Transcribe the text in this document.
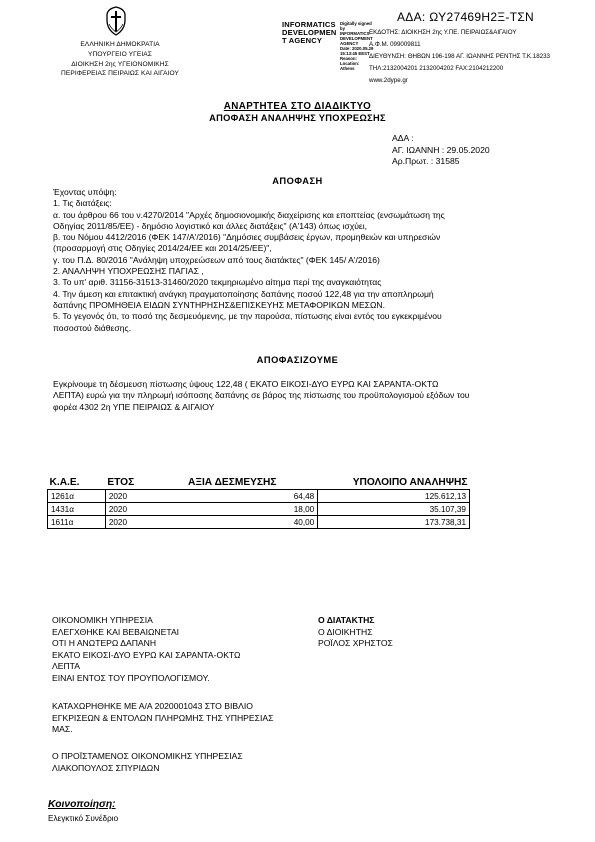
ΕΛΛΗΝΙΚΗ ΔΗΜΟΚΡΑΤΙΑ
ΥΠΟΥΡΓΕΙΟ ΥΓΕΙΑΣ
ΔΙΟΙΚΗΣΗ 2ης ΥΓΕΙΟΝΟΜΙΚΗΣ
ΠΕΡΙΦΕΡΕΙΑΣ ΠΕΙΡΑΙΩΣ ΚΑΙ ΑΙΓΑΙΟΥ
INFORMATICS
DEVELOPMEN
T AGENCY
Digitally signed by
INFORMATICS
DEVELOPMENT
AGENCY
Date: 2020.05.29
15:13:45 EEST
Reason:
Location: Athens
ΑΔΑ: ΩΥ27469Η2Ξ-ΤΣΝ
ΕΚΔΟΤΗΣ: ΔΙΟΙΚΗΣΗ 2ης Υ.ΠΕ. ΠΕΙΡΑΙΩΣ&ΑΙΓΑΙΟΥ
Α.Φ.Μ. 099009811
ΔΙΕΥΘΥΝΣΗ: ΘΗΒΩΝ 196-198 ΑΓ. ΙΩΑΝΝΗΣ ΡΕΝΤΗΣ Τ.Κ.18233
ΤΗΛ:2132004201 2132004202 FAX:2104212200
www.2dype.gr
ΑΝΑΡΤΗΤΕΑ ΣΤΟ ΔΙΑΔΙΚΤΥΟ
ΑΠΟΦΑΣΗ ΑΝΑΛΗΨΗΣ ΥΠΟΧΡΕΩΣΗΣ
ΑΔΑ :
ΑΓ. ΙΩΑΝΝΗ : 29.05.2020
Αρ.Πρωτ. : 31585
ΑΠΟΦΑΣΗ
Έχοντας υπόψη:
1. Τις διατάξεις:
α. του άρθρου 66 του ν.4270/2014 "Αρχές δημοσιονομικής διαχείρισης και εποπτείας (ενσωμάτωση της
Οδηγίας 2011/85/ΕΕ) - δημόσιο λογιστικό και άλλες διατάξεις" (Α'143) όπως ισχύει,
β. του Νόμου 4412/2016 (ΦΕΚ 147/Α'/2016) "Δημόσιες συμβάσεις έργων, προμηθειών και υπηρεσιών
(προσαρμογή στις Οδηγίες 2014/24/ΕΕ και 2014/25/ΕΕ)",
γ. του Π.Δ. 80/2016 "Ανάληψη υποχρεώσεων από τους διατάκτες" (ΦΕΚ 145/ Α'/2016)
2. ΑΝΑΛΗΨΗ ΥΠΟΧΡΕΩΣΗΣ ΠΑΓΙΑΣ ,
3. Το υπ' αριθ. 31156-31513-31460/2020 τεκμηριωμένο αίτημα περί της αναγκαιότητας
4. Την άμεση και επιτακτική ανάγκη πραγματοποίησης δαπάνης ποσού 122,48 για την αποπληρωμή
δαπάνης ΠΡΟΜΗΘΕΙΑ ΕΙΔΩΝ ΣΥΝΤΗΡΗΣΗΣ&ΕΠΙΣΚΕΥΗΣ ΜΕΤΑΦΟΡΙΚΩΝ ΜΕΣΩΝ.
5. Το γεγονός ότι, το ποσό της δεσμευόμενης, με την παρούσα, πίστωσης είναι εντός του εγκεκριμένου
ποσοστού διάθεσης.
ΑΠΟΦΑΣΙΖΟΥΜΕ
Εγκρίνουμε τη δέσμευση πίστωσης ύψους 122,48 ( ΕΚΑΤΟ ΕΙΚΟΣΙ-ΔΥΟ ΕΥΡΩ ΚΑΙ ΣΑΡΑΝΤΑ-ΟΚΤΩ
ΛΕΠΤΑ) ευρώ για την πληρωμή ισόποσης δαπάνης σε βάρος της πίστωσης του προϋπολογισμού εξόδων του
φορέα 4302 2η ΥΠΕ ΠΕΙΡΑΙΩΣ & ΑΙΓΑΙΟΥ
Κ.Α.Ε.	ΕΤΟΣ	ΑΞΙΑ ΔΕΣΜΕΥΣΗΣ	ΥΠΟΛΟΙΠΟ ΑΝΑΛΗΨΗΣ
1261α	2020	64,48	125.612,13
1431α	2020	18,00	35.107,39
1611α	2020	40,00	173.738,31
ΟΙΚΟΝΟΜΙΚΗ ΥΠΗΡΕΣΙΑ
ΕΛΕΓΧΘΗΚΕ ΚΑΙ ΒΕΒΑΙΩΝΕΤΑΙ
ΟΤΙ Η ΑΝΩΤΕΡΩ ΔΑΠΑΝΗ
ΕΚΑΤΟ ΕΙΚΟΣΙ-ΔΥΟ ΕΥΡΩ ΚΑΙ ΣΑΡΑΝΤΑ-ΟΚΤΩ
ΛΕΠΤΑ
ΕΙΝΑΙ ΕΝΤΟΣ ΤΟΥ ΠΡΟΥΠΟΛΟΓΙΣΜΟΥ.
Ο ΔΙΑΤΑΚΤΗΣ
Ο ΔΙΟΙΚΗΤΗΣ
ΡΟΪΛΟΣ ΧΡΗΣΤΟΣ
ΚΑΤΑΧΩΡΗΘΗΚΕ ΜΕ Α/Α 2020001043 ΣΤΟ ΒΙΒΛΙΟ
ΕΓΚΡΙΣΕΩΝ & ΕΝΤΟΛΩΝ ΠΛΗΡΩΜΗΣ ΤΗΣ ΥΠΗΡΕΣΙΑΣ
ΜΑΣ.
Ο ΠΡΟΪΣΤΑΜΕΝΟΣ ΟΙΚΟΝΟΜΙΚΗΣ ΥΠΗΡΕΣΙΑΣ
ΛΙΑΚΟΠΟΥΛΟΣ ΣΠΥΡΙΔΩΝ
Κοινοποίηση:
Ελεγκτικό Συνέδριο
